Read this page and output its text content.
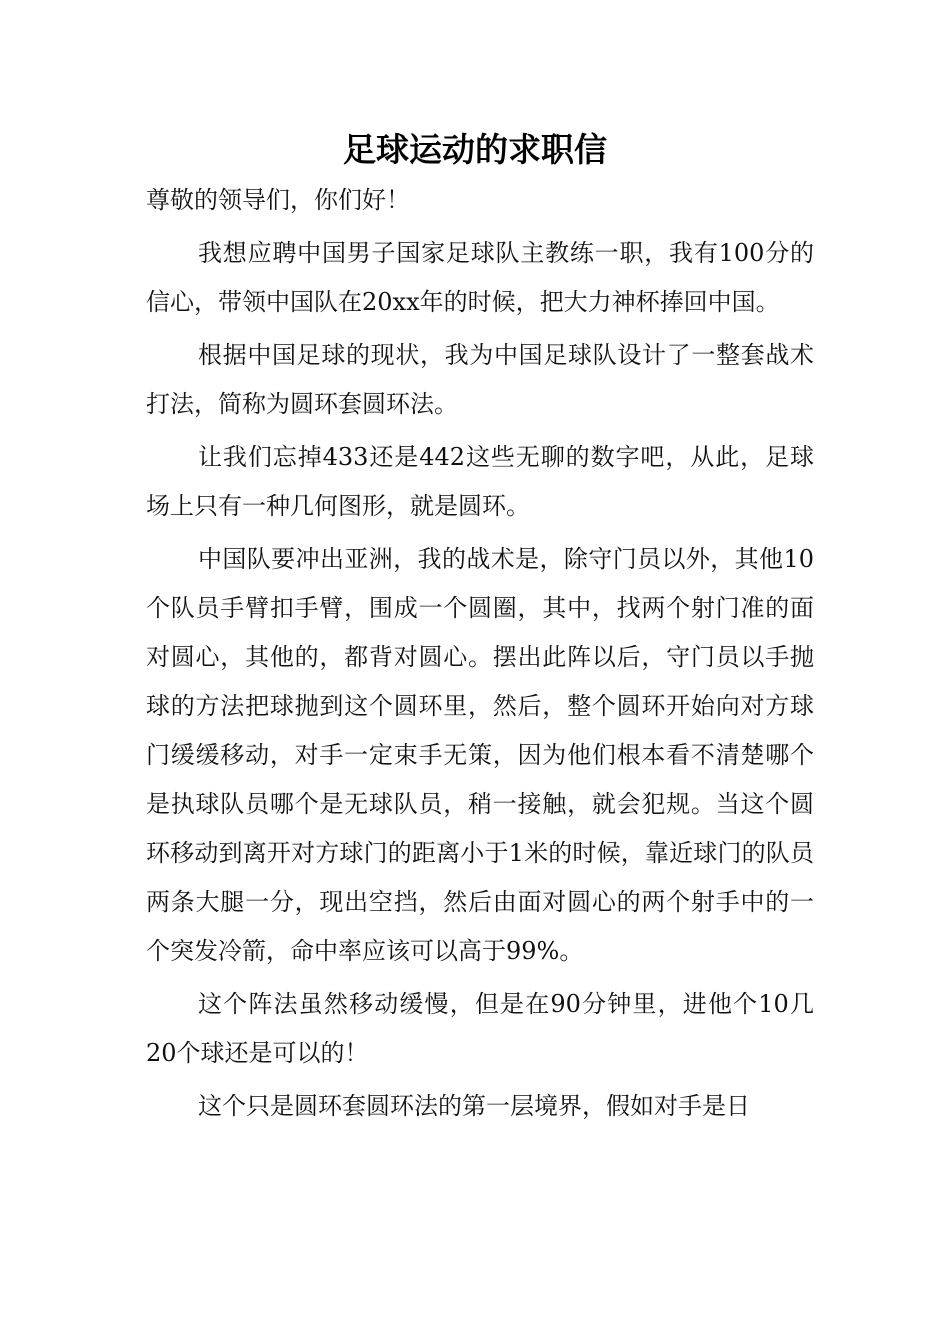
足球运动的求职信

尊敬的领导们，你们好！

我想应聘中国男子国家足球队主教练一职，我有100分的信心，带领中国队在20xx年的时候，把大力神杯捧回中国。

根据中国足球的现状，我为中国足球队设计了一整套战术打法，简称为圆环套圆环法。

让我们忘掉433还是442这些无聊的数字吧，从此，足球场上只有一种几何图形，就是圆环。

中国队要冲出亚洲，我的战术是，除守门员以外，其他10个队员手臂扣手臂，围成一个圆圈，其中，找两个射门准的面对圆心，其他的，都背对圆心。摆出此阵以后，守门员以手抛球的方法把球抛到这个圆环里，然后，整个圆环开始向对方球门缓缓移动，对手一定束手无策，因为他们根本看不清楚哪个是执球队员哪个是无球队员，稍一接触，就会犯规。当这个圆环移动到离开对方球门的距离小于1米的时候，靠近球门的队员两条大腿一分，现出空挡，然后由面对圆心的两个射手中的一个突发冷箭，命中率应该可以高于99%。

这个阵法虽然移动缓慢，但是在90分钟里，进他个10几20个球还是可以的！

这个只是圆环套圆环法的第一层境界，假如对手是日
